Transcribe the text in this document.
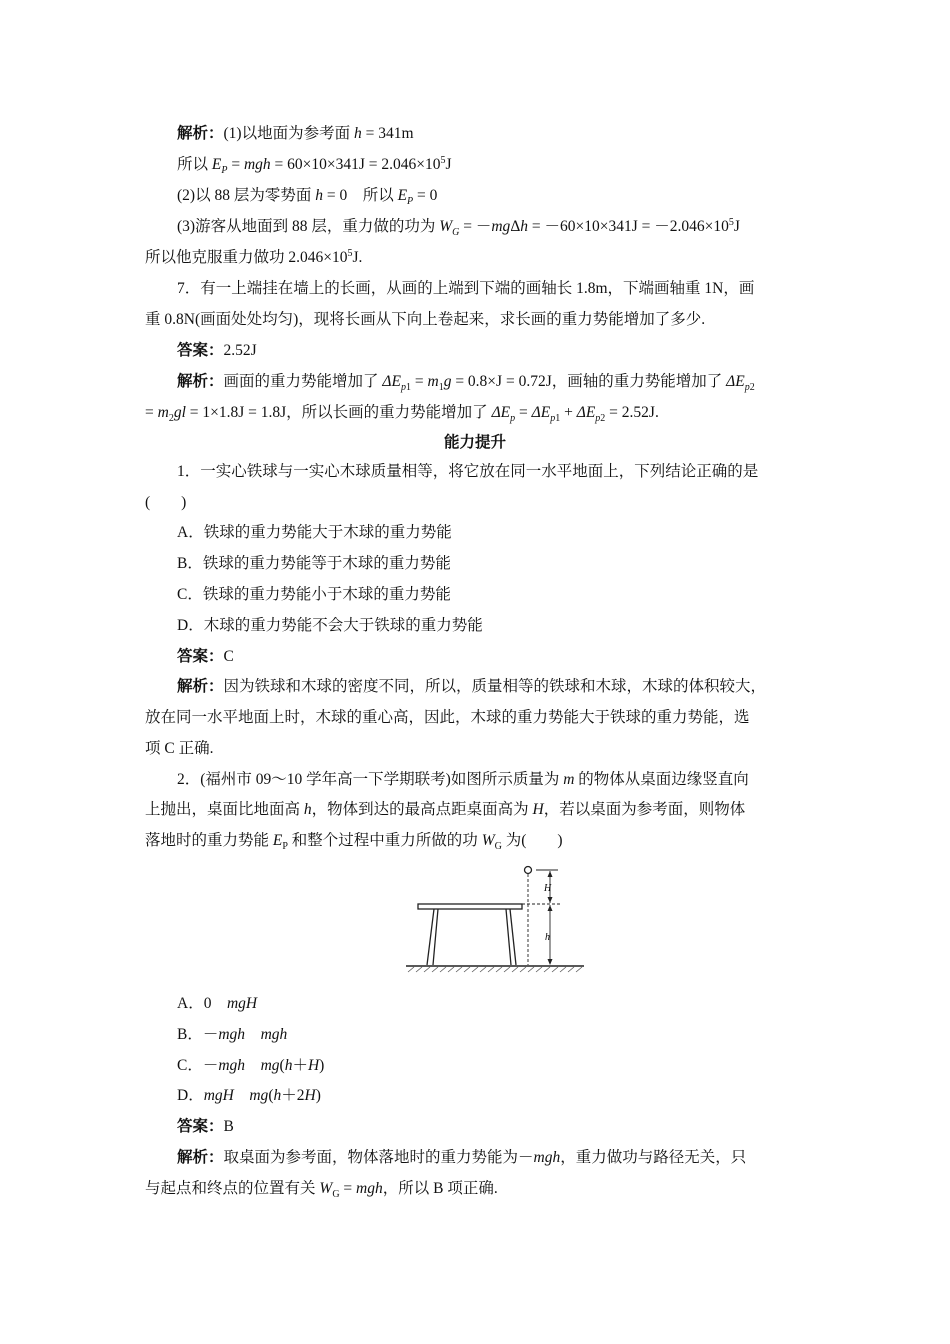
解析：(1)以地面为参考面 h = 341m
所以 $E_P$ = mgh = $60\times 10\times 341J = 2.046\times 10^5J$
(2)以 88 层为零势面 h = 0　所以 $E_P = 0$
(3)游客从地面到 88 层，重力做的功为 $W_G = -mg\Delta h = -60\times 10\times 341J = -2.046\times 10^5J$
所以他克服重力做功 $2.046\times 10^5J$.
7．有一上端挂在墙上的长画，从画的上端到下端的画轴长 1.8m，下端画轴重 1N，画
重 0.8N(画面处处均匀)，现将长画从下向上卷起来，求长画的重力势能增加了多少.
答案：2.52J
解析：画面的重力势能增加了 $\Delta E_{p1} = m_1g = 0.8\times J = 0.72J$，画轴的重力势能增加了 $\Delta E_{p2}$
= $m_2gl = 1\times 1.8J = 1.8J$，所以长画的重力势能增加了 $\Delta E_p = \Delta E_{p1} + \Delta E_{p2} = 2.52J$.
能力提升
1．一实心铁球与一实心木球质量相等，将它放在同一水平地面上，下列结论正确的是
(　　)
A．铁球的重力势能大于木球的重力势能
B．铁球的重力势能等于木球的重力势能
C．铁球的重力势能小于木球的重力势能
D．木球的重力势能不会大于铁球的重力势能
答案：C
解析：因为铁球和木球的密度不同，所以，质量相等的铁球和木球，木球的体积较大，
放在同一水平地面上时，木球的重心高，因此，木球的重力势能大于铁球的重力势能，选
项 C 正确.
2．(福州市 09～10 学年高一下学期联考)如图所示质量为 m 的物体从桌面边缘竖直向
上抛出，桌面比地面高 h，物体到达的最高点距桌面高为 H，若以桌面为参考面，则物体
落地时的重力势能 $E_P$ 和整个过程中重力所做的功 $W_G$ 为(　　)
H
h
A．0　mgH
B．－mgh　 mgh
C．－mgh　 mg(h＋H)
D．mgH　 mg(h＋2H)
答案：B
解析：取桌面为参考面，物体落地时的重力势能为－mgh，重力做功与路径无关，只
与起点和终点的位置有关 $W_G$ = mgh，所以 B 项正确.
